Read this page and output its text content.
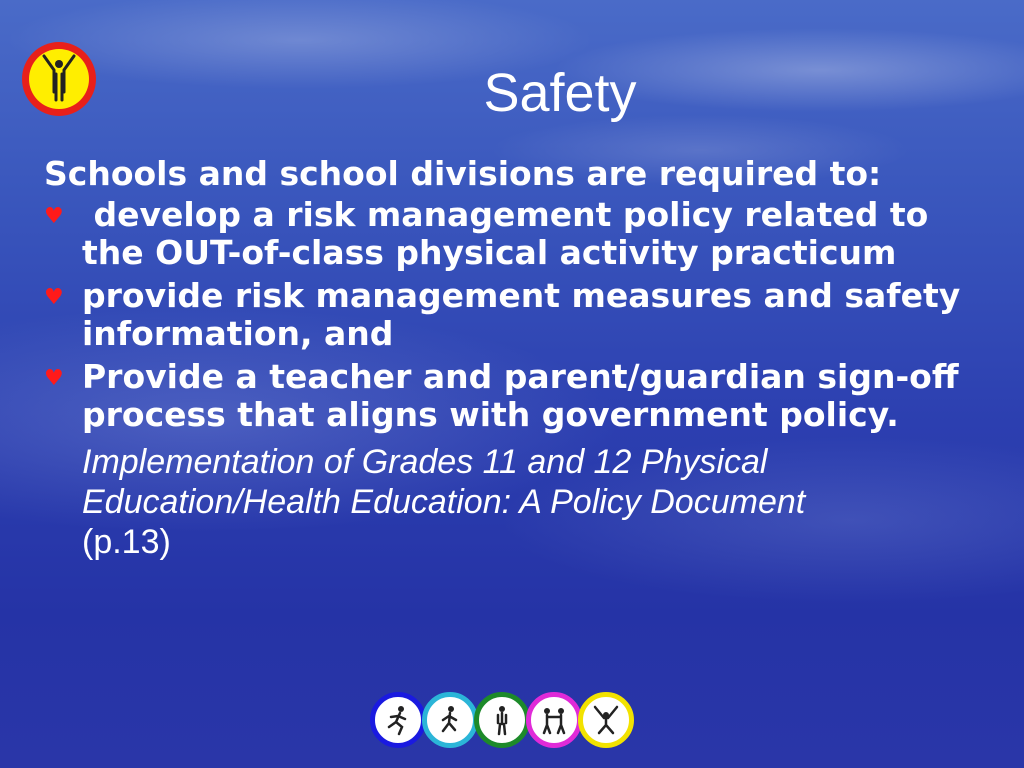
Safety

Schools and school divisions are required to:

♥ develop a risk management policy related to the OUT-of-class physical activity practicum
♥ provide risk management measures and safety information, and
♥ Provide a teacher and parent/guardian sign-off process that aligns with government policy.
Implementation of Grades 11 and 12 Physical Education/Health Education: A Policy Document
(p.13)
